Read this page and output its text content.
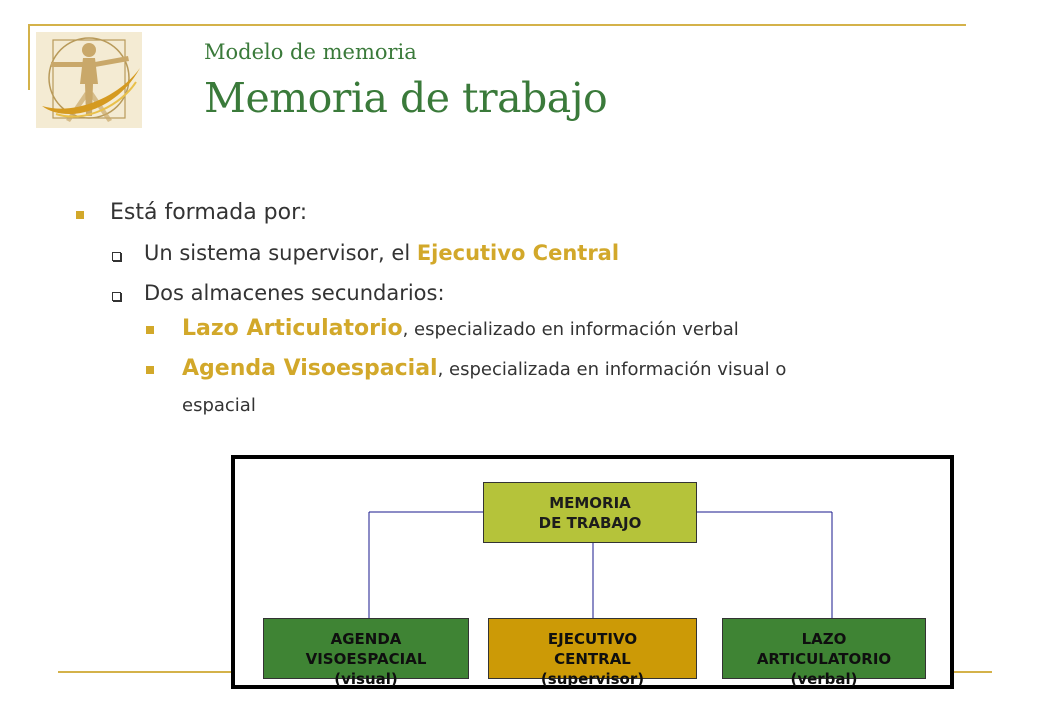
Modelo de memoria
Memoria de trabajo
Está formada por:
Un sistema supervisor, el Ejecutivo Central
Dos almacenes secundarios:
Lazo Articulatorio, especializado en información verbal
Agenda Visoespacial, especializada en información visual o
espacial
MEMORIA
DE TRABAJO
AGENDA
VISOESPACIAL
(visual)
EJECUTIVO
CENTRAL
(supervisor)
LAZO
ARTICULATORIO
(verbal)
